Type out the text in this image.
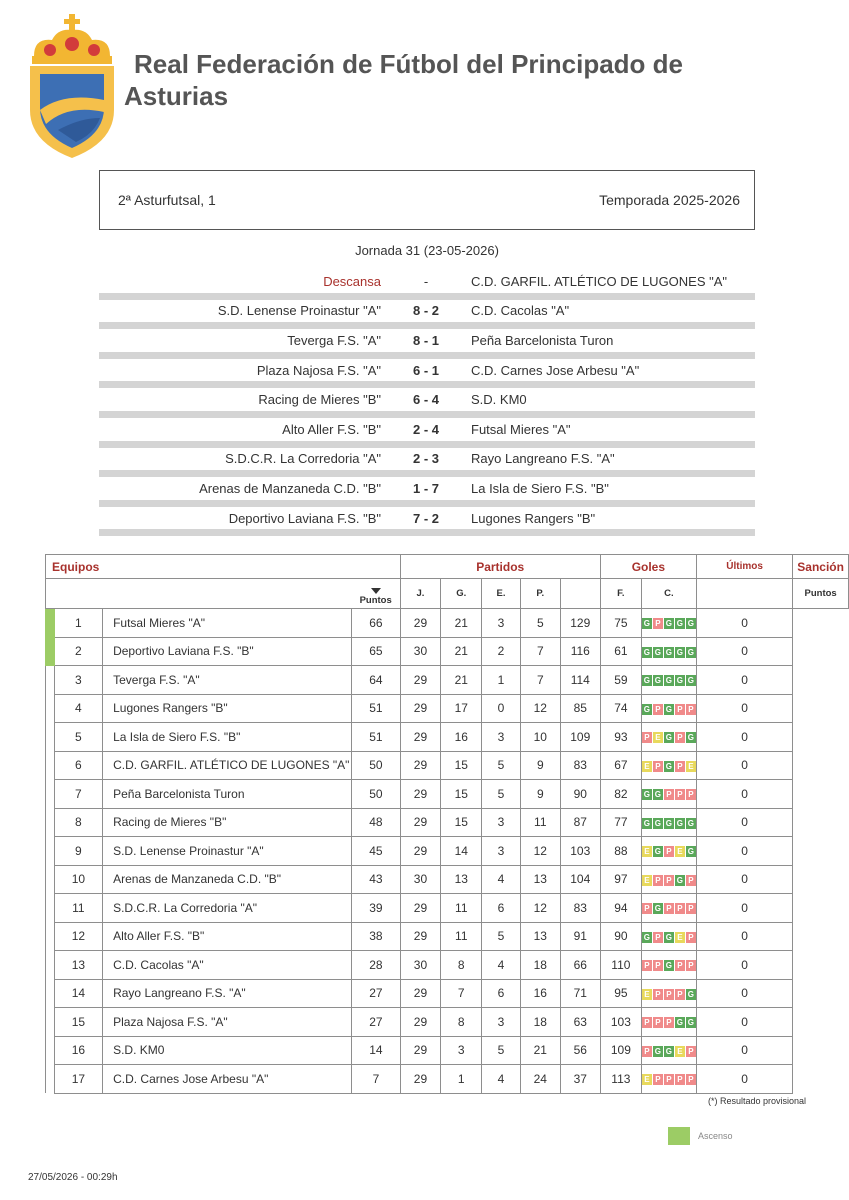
Real Federación de Fútbol del Principado de
Asturias
2ª Asturfutsal, 1	Temporada 2025-2026
Jornada 31 (23-05-2026)
Descansa	-	C.D. GARFIL. ATLÉTICO DE LUGONES "A"
S.D. Lenense Proinastur "A"	8 - 2	C.D. Cacolas "A"
Teverga F.S. "A"	8 - 1	Peña Barcelonista Turon
Plaza Najosa F.S. "A"	6 - 1	C.D. Carnes Jose Arbesu "A"
Racing de Mieres "B"	6 - 4	S.D. KM0
Alto Aller F.S. "B"	2 - 4	Futsal Mieres "A"
S.D.C.R. La Corredoria "A"	2 - 3	Rayo Langreano F.S. "A"
Arenas de Manzaneda C.D. "B"	1 - 7	La Isla de Siero F.S. "B"
Deportivo Laviana F.S. "B"	7 - 2	Lugones Rangers "B"
Equipos				Partidos					Goles		Últimos	Sanción

Puntos	J.	G.	E.	P.		F.	C.		Puntos
	1	Futsal Mieres "A"	66	29	21	3	5	129	75	G P G G G	0	
	2	Deportivo Laviana F.S. "B"	65	30	21	2	7	116	61	G G G G G	0	
	3	Teverga F.S. "A"	64	29	21	1	7	114	59	G G G G G	0	
	4	Lugones Rangers "B"	51	29	17	0	12	85	74	G P G P P	0	
	5	La Isla de Siero F.S. "B"	51	29	16	3	10	109	93	P E G P G	0	
	6	C.D. GARFIL. ATLÉTICO DE LUGONES "A"	50	29	15	5	9	83	67	E P G P E	0	
	7	Peña Barcelonista Turon	50	29	15	5	9	90	82	G G P P P	0	
	8	Racing de Mieres "B"	48	29	15	3	11	87	77	G G G G G	0	
	9	S.D. Lenense Proinastur "A"	45	29	14	3	12	103	88	E G P E G	0	
	10	Arenas de Manzaneda C.D. "B"	43	30	13	4	13	104	97	E P P G P	0	
	11	S.D.C.R. La Corredoria "A"	39	29	11	6	12	83	94	P G P P P	0	
	12	Alto Aller F.S. "B"	38	29	11	5	13	91	90	G P G E P	0	
	13	C.D. Cacolas "A"	28	30	8	4	18	66	110	P P G P P	0	
	14	Rayo Langreano F.S. "A"	27	29	7	6	16	71	95	E P P P G	0	
	15	Plaza Najosa F.S. "A"	27	29	8	3	18	63	103	P P P G G	0	
	16	S.D. KM0	14	29	3	5	21	56	109	P G G E P	0	
	17	C.D. Carnes Jose Arbesu "A"	7	29	1	4	24	37	113	E P P P P	0	
(*) Resultado provisional
Ascenso
27/05/2026 - 00:29h
